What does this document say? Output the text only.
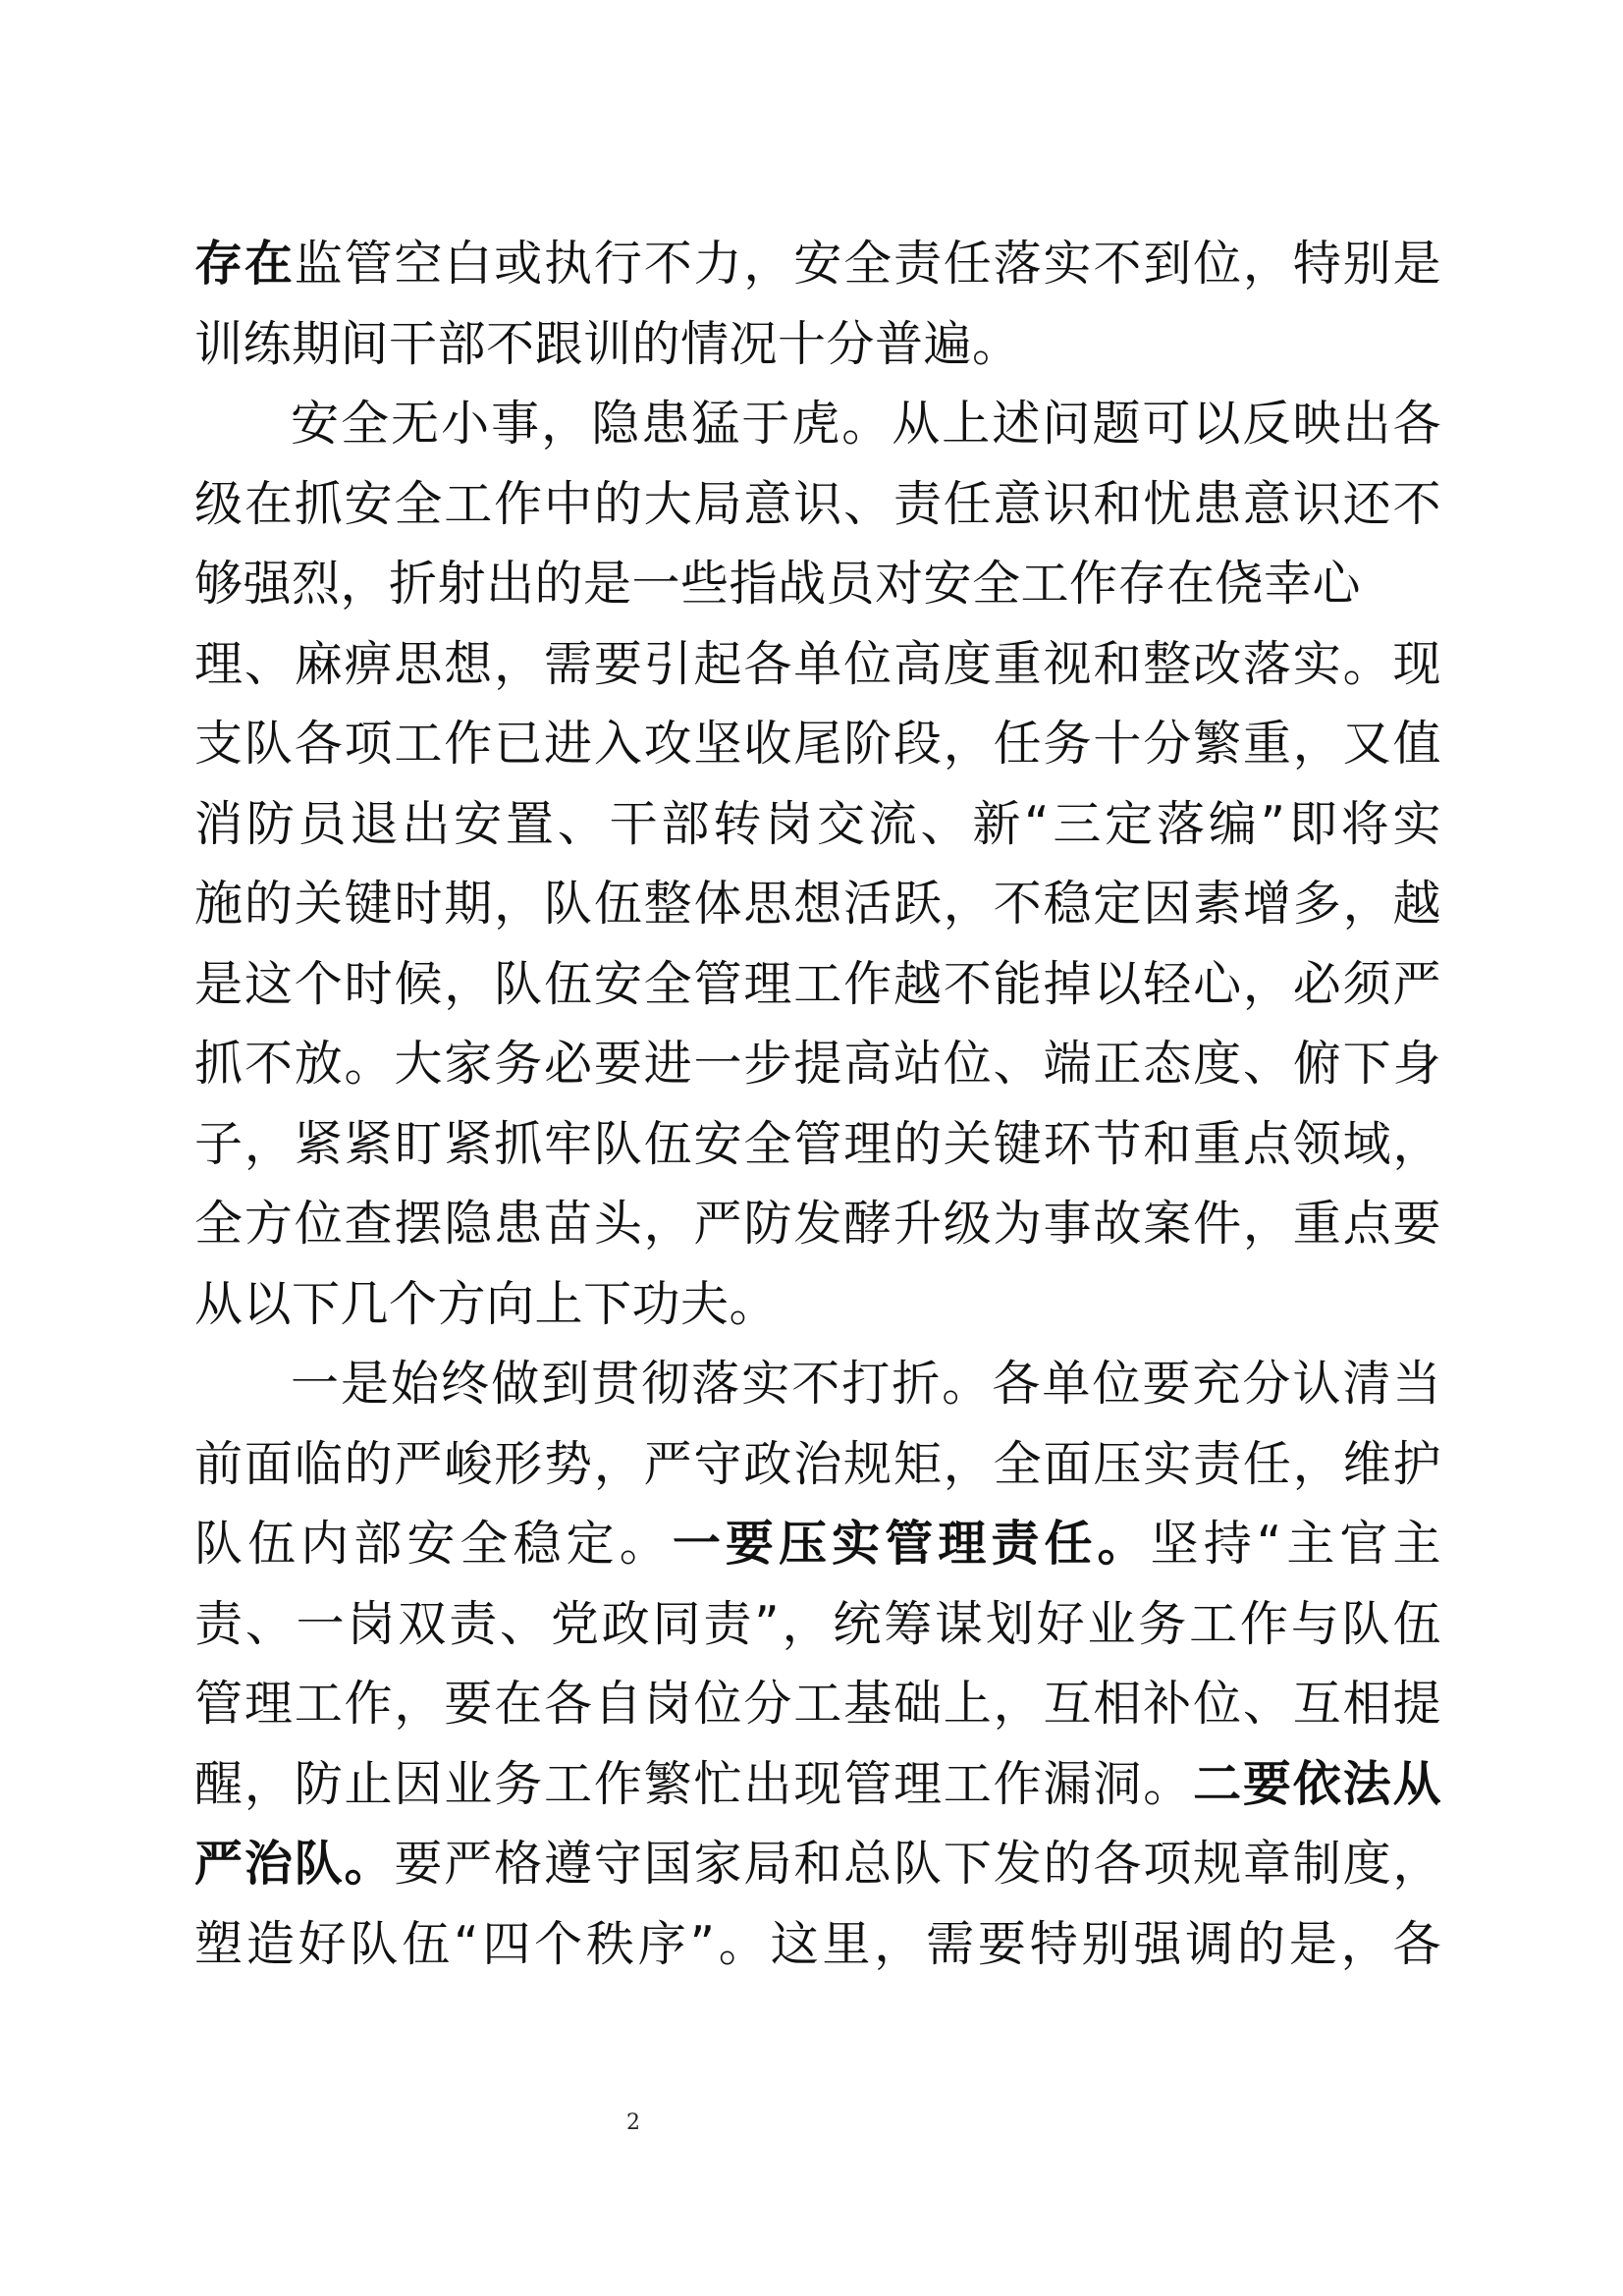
存在监管空白或执行不力，安全责任落实不到位，特别是
训练期间干部不跟训的情况十分普遍。
安全无小事，隐患猛于虎。从上述问题可以反映出各
级在抓安全工作中的大局意识、责任意识和忧患意识还不
够强烈，折射出的是一些指战员对安全工作存在侥幸心
理、麻痹思想，需要引起各单位高度重视和整改落实。现
支队各项工作已进入攻坚收尾阶段，任务十分繁重，又值
消防员退出安置、干部转岗交流、新“三定落编”即将实
施的关键时期，队伍整体思想活跃，不稳定因素增多，越
是这个时候，队伍安全管理工作越不能掉以轻心，必须严
抓不放。大家务必要进一步提高站位、端正态度、俯下身
子，紧紧盯紧抓牢队伍安全管理的关键环节和重点领域，
全方位查摆隐患苗头，严防发酵升级为事故案件，重点要
从以下几个方向上下功夫。
一是始终做到贯彻落实不打折。各单位要充分认清当
前面临的严峻形势，严守政治规矩，全面压实责任，维护
队伍内部安全稳定。一要压实管理责任。坚持“主官主
责、一岗双责、党政同责”，统筹谋划好业务工作与队伍
管理工作，要在各自岗位分工基础上，互相补位、互相提
醒，防止因业务工作繁忙出现管理工作漏洞。二要依法从
严治队。要严格遵守国家局和总队下发的各项规章制度，
塑造好队伍“四个秩序”。这里，需要特别强调的是，各
2
